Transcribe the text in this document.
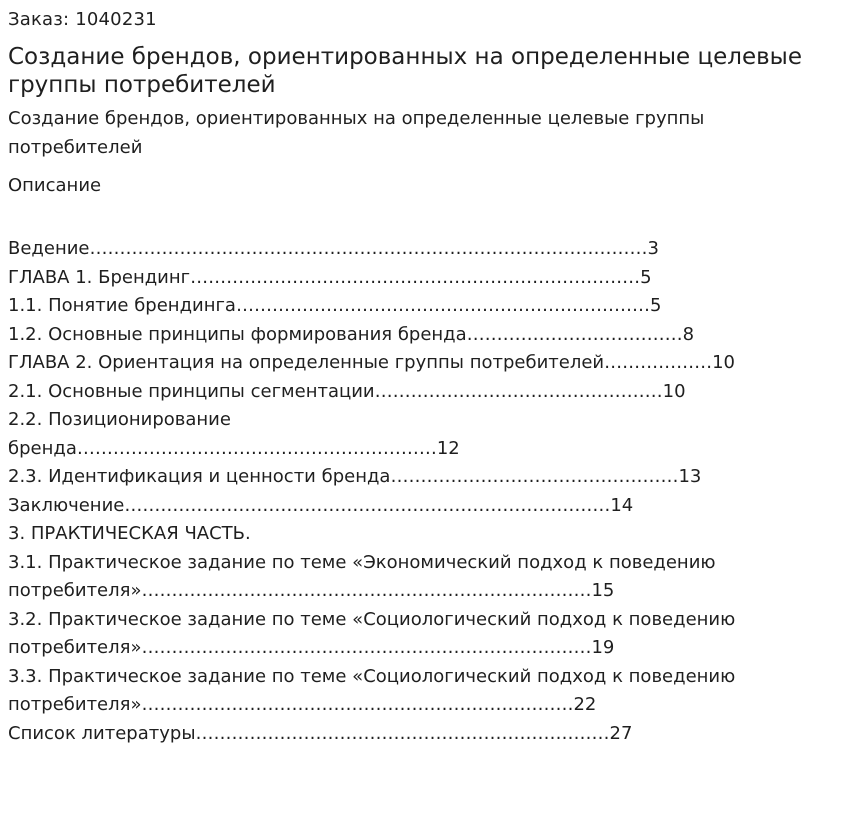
Заказ: 1040231
Создание брендов, ориентированных на определенные целевые группы потребителей
Создание брендов, ориентированных на определенные целевые группы потребителей
Описание
Ведение…………………………………………………………………………………3
ГЛАВА 1. Брендинг…………………………………………………………………5
1.1. Понятие брендинга……………………………………………………………5
1.2. Основные принципы формирования бренда………………………………8
ГЛАВА 2. Ориентация на определенные группы потребителей………………10
2.1. Основные принципы сегментации…………………………………………10
2.2. Позиционирование
бренда……………………………………………………12
2.3. Идентификация и ценности бренда…………………………………………13
Заключение………………………………………………………………………14
3. ПРАКТИЧЕСКАЯ ЧАСТЬ.
3.1. Практическое задание по теме «Экономический подход к поведению
потребителя»…………………………………………………………………15
3.2. Практическое задание по теме «Социологический подход к поведению
потребителя»…………………………………………………………………19
3.3. Практическое задание по теме «Социологический подход к поведению
потребителя»………………………………………………………………22
Список литературы……………………………………………………………27
